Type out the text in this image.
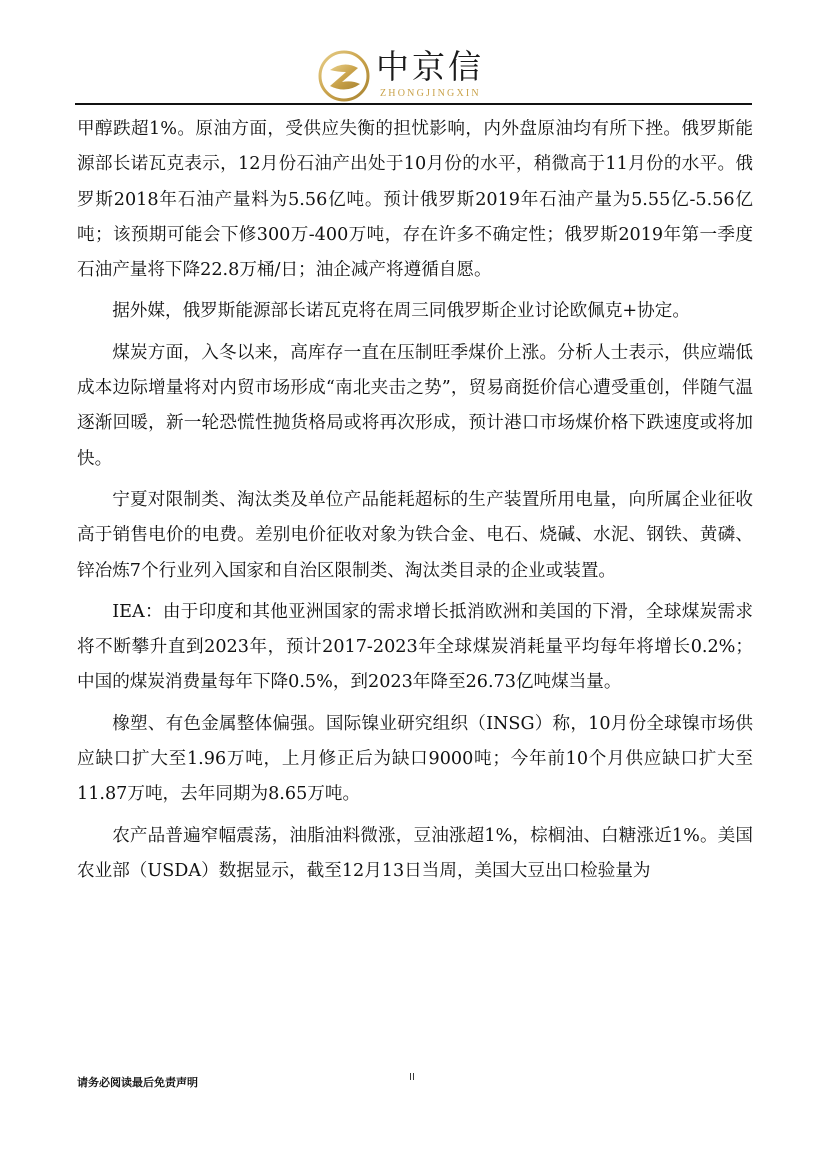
中京信
ZHONGJINGXIN

甲醇跌超1%。原油方面，受供应失衡的担忧影响，内外盘原油均有所下挫。俄罗斯能源部长诺瓦克表示，12月份石油产出处于10月份的水平，稍微高于11月份的水平。俄罗斯2018年石油产量料为5.56亿吨。预计俄罗斯2019年石油产量为5.55亿-5.56亿吨；该预期可能会下修300万-400万吨，存在许多不确定性；俄罗斯2019年第一季度石油产量将下降22.8万桶/日；油企减产将遵循自愿。

据外媒，俄罗斯能源部长诺瓦克将在周三同俄罗斯企业讨论欧佩克+协定。

煤炭方面，入冬以来，高库存一直在压制旺季煤价上涨。分析人士表示，供应端低成本边际增量将对内贸市场形成“南北夹击之势”，贸易商挺价信心遭受重创，伴随气温逐渐回暖，新一轮恐慌性抛货格局或将再次形成，预计港口市场煤价格下跌速度或将加快。

宁夏对限制类、淘汰类及单位产品能耗超标的生产装置所用电量，向所属企业征收高于销售电价的电费。差别电价征收对象为铁合金、电石、烧碱、水泥、钢铁、黄磷、锌冶炼7个行业列入国家和自治区限制类、淘汰类目录的企业或装置。

IEA：由于印度和其他亚洲国家的需求增长抵消欧洲和美国的下滑，全球煤炭需求将不断攀升直到2023年，预计2017-2023年全球煤炭消耗量平均每年将增长0.2%；中国的煤炭消费量每年下降0.5%，到2023年降至26.73亿吨煤当量。

橡塑、有色金属整体偏强。国际镍业研究组织（INSG）称，10月份全球镍市场供应缺口扩大至1.96万吨，上月修正后为缺口9000吨；今年前10个月供应缺口扩大至11.87万吨，去年同期为8.65万吨。

农产品普遍窄幅震荡，油脂油料微涨，豆油涨超1%，棕榈油、白糖涨近1%。美国农业部（USDA）数据显示，截至12月13日当周，美国大豆出口检验量为

请务必阅读最后免责声明	II
